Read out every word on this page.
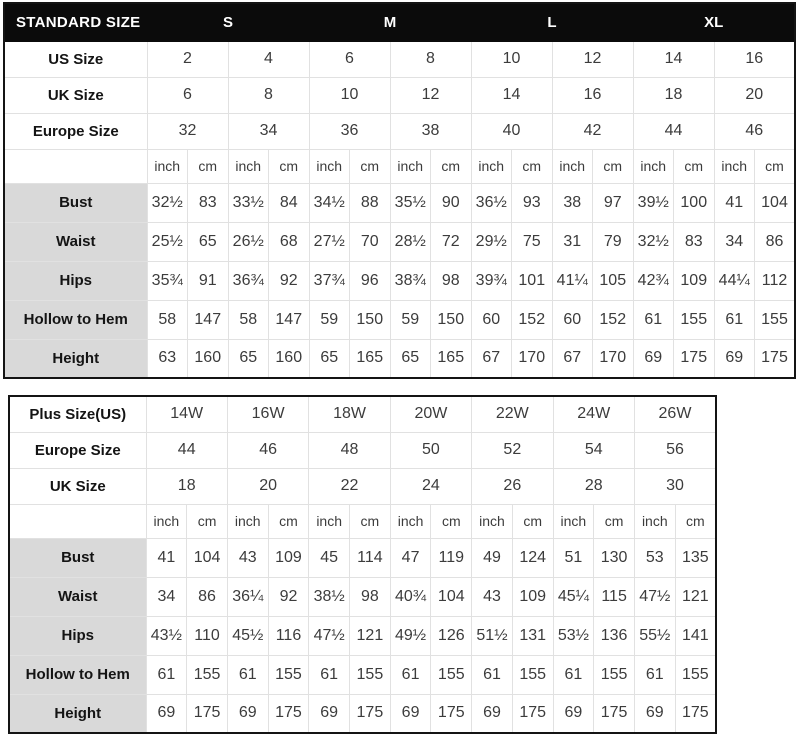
STANDARD SIZE	S				M				L				XL			
US Size	2		4		6		8		10		12		14		16	
UK Size	6		8		10		12		14		16		18		20	
Europe Size	32		34		36		38		40		42		44		46	
	inch	cm	inch	cm	inch	cm	inch	cm	inch	cm	inch	cm	inch	cm	inch	cm
Bust	32½	83	33½	84	34½	88	35½	90	36½	93	38	97	39½	100	41	104
Waist	25½	65	26½	68	27½	70	28½	72	29½	75	31	79	32½	83	34	86
Hips	35¾	91	36¾	92	37¾	96	38¾	98	39¾	101	41¼	105	42¾	109	44¼	112
Hollow to Hem	58	147	58	147	59	150	59	150	60	152	60	152	61	155	61	155
Height	63	160	65	160	65	165	65	165	67	170	67	170	69	175	69	175
Plus Size(US)	14W		16W		18W		20W		22W		24W		26W	
Europe Size	44		46		48		50		52		54		56	
UK Size	18		20		22		24		26		28		30	
	inch	cm	inch	cm	inch	cm	inch	cm	inch	cm	inch	cm	inch	cm
Bust	41	104	43	109	45	114	47	119	49	124	51	130	53	135
Waist	34	86	36¼	92	38½	98	40¾	104	43	109	45¼	115	47½	121
Hips	43½	110	45½	116	47½	121	49½	126	51½	131	53½	136	55½	141
Hollow to Hem	61	155	61	155	61	155	61	155	61	155	61	155	61	155
Height	69	175	69	175	69	175	69	175	69	175	69	175	69	175
